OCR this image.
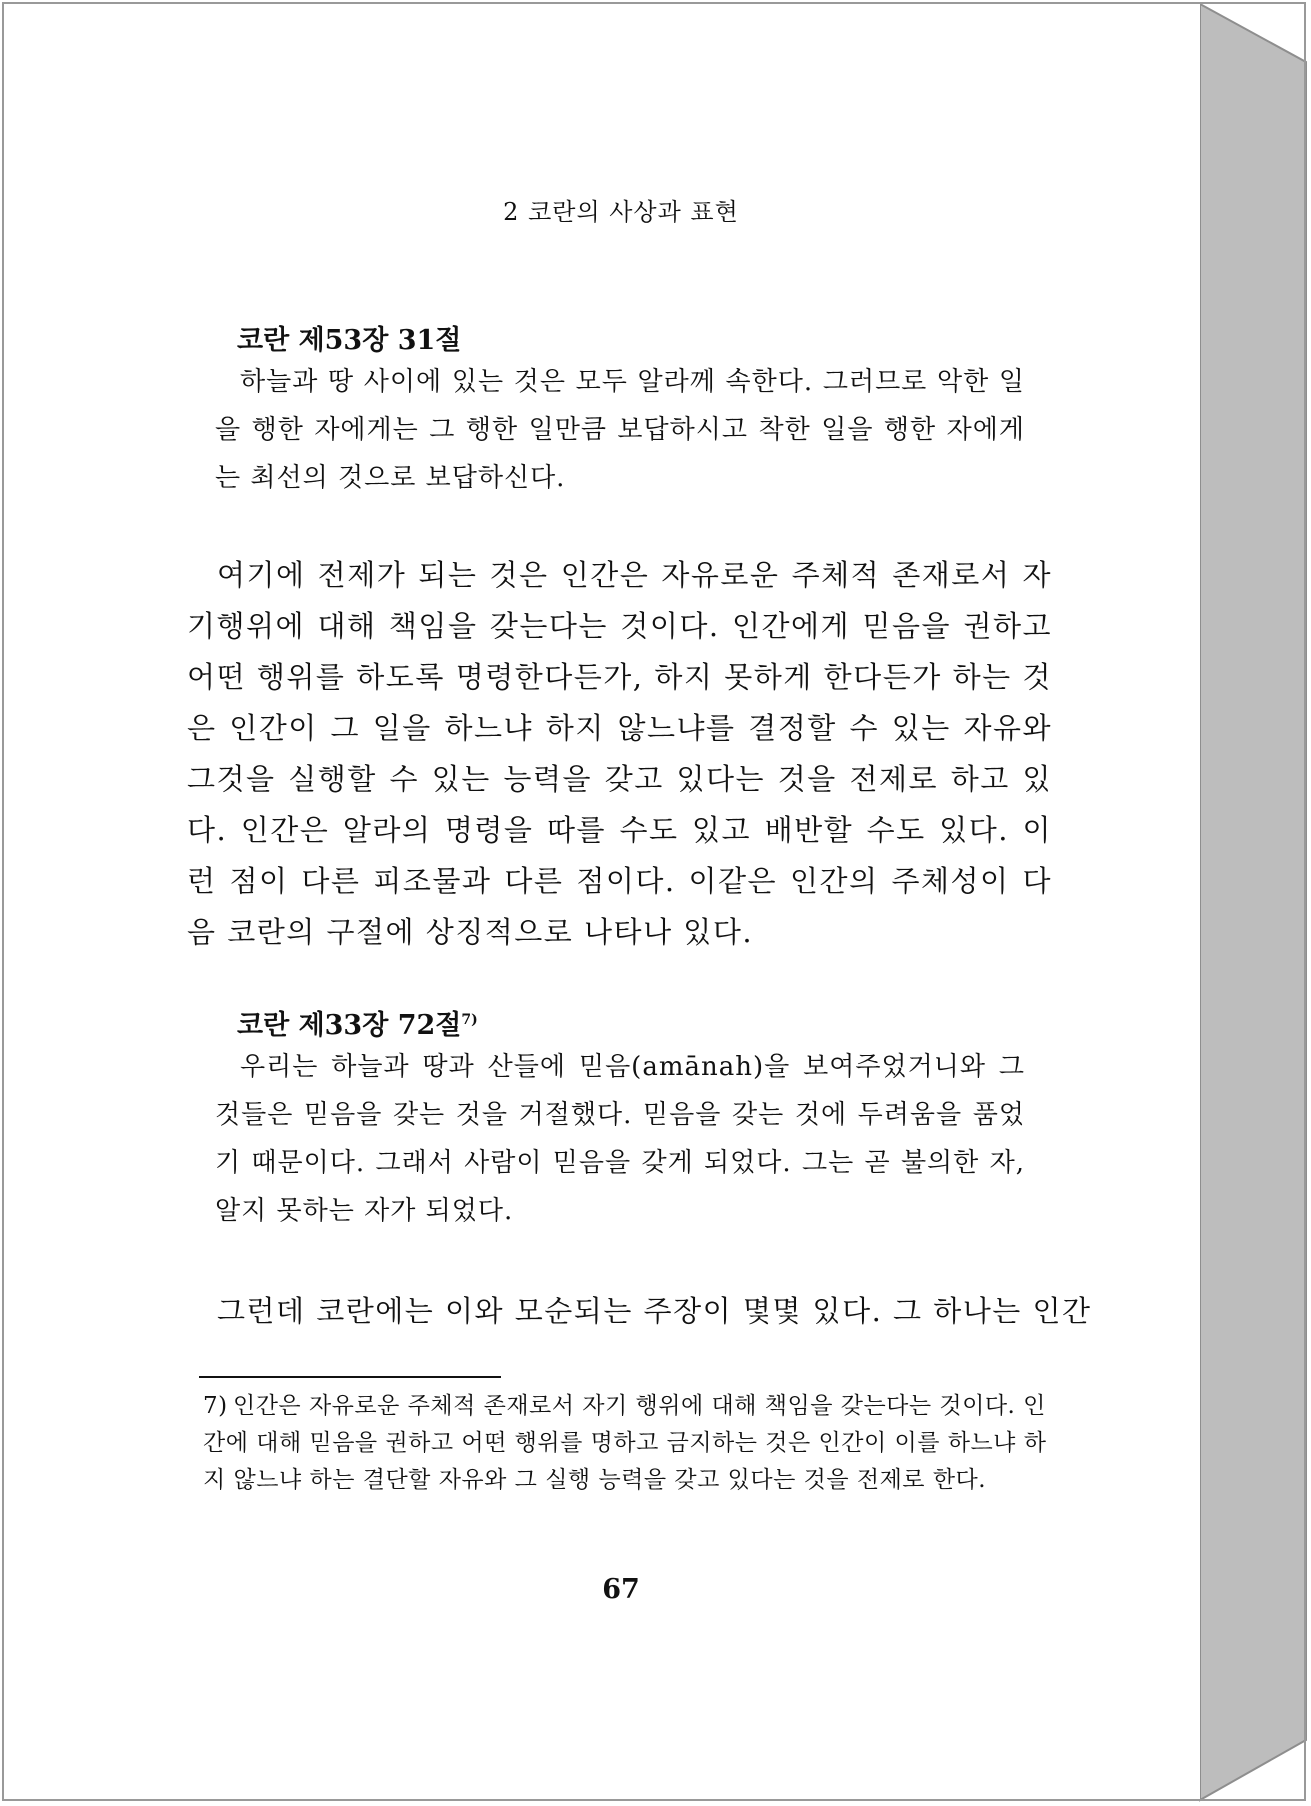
2 코란의 사상과 표현
코란 제53장 31절
하늘과 땅 사이에 있는 것은 모두 알라께 속한다. 그러므로 악한 일을 행한 자에게는 그 행한 일만큼 보답하시고 착한 일을 행한 자에게는 최선의 것으로 보답하신다.
여기에 전제가 되는 것은 인간은 자유로운 주체적 존재로서 자기행위에 대해 책임을 갖는다는 것이다. 인간에게 믿음을 권하고 어떤 행위를 하도록 명령한다든가, 하지 못하게 한다든가 하는 것은 인간이 그 일을 하느냐 하지 않느냐를 결정할 수 있는 자유와 그것을 실행할 수 있는 능력을 갖고 있다는 것을 전제로 하고 있다. 인간은 알라의 명령을 따를 수도 있고 배반할 수도 있다. 이런 점이 다른 피조물과 다른 점이다. 이같은 인간의 주체성이 다음 코란의 구절에 상징적으로 나타나 있다.
코란 제33장 72절$^{7)}$
우리는 하늘과 땅과 산들에 믿음(amānah)을 보여주었거니와 그것들은 믿음을 갖는 것을 거절했다. 믿음을 갖는 것에 두려움을 품었기 때문이다. 그래서 사람이 믿음을 갖게 되었다. 그는 곧 불의한 자, 알지 못하는 자가 되었다.
그런데 코란에는 이와 모순되는 주장이 몇몇 있다. 그 하나는 인간
7) 인간은 자유로운 주체적 존재로서 자기 행위에 대해 책임을 갖는다는 것이다. 인간에 대해 믿음을 권하고 어떤 행위를 명하고 금지하는 것은 인간이 이를 하느냐 하지 않느냐 하는 결단할 자유와 그 실행 능력을 갖고 있다는 것을 전제로 한다.
67
